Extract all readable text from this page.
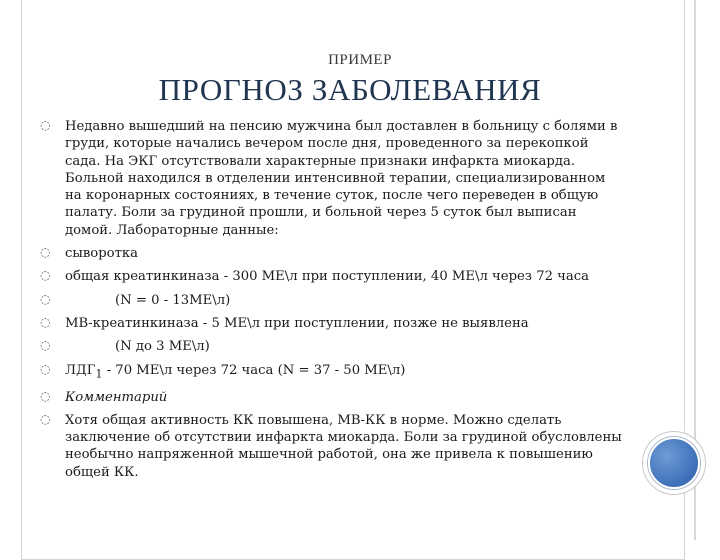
ПРИМЕР
ПРОГНОЗ ЗАБОЛЕВАНИЯ
◌ Недавно вышедший на пенсию мужчина был доставлен в больницу с болями в груди, которые начались вечером после дня, проведенного за перекопкой сада. На ЭКГ отсутствовали характерные признаки инфаркта миокарда. Больной находился в отделении интенсивной терапии, специализированном на коронарных состояниях, в течение суток, после чего переведен в общую палату. Боли за грудиной прошли, и больной через 5 суток был выписан домой. Лабораторные данные:
◌ сыворотка
◌ общая креатинкиназа - 300 МЕ\л при поступлении, 40 МЕ\л через 72 часа
◌	(N = 0 - 13МЕ\л)
◌ МВ-креатинкиназа - 5 МЕ\л при поступлении, позже не выявлена
◌	(N до 3 МЕ\л)
◌ $ЛДГ_1 - 70$ МЕ\л через 72 часа (N = 37 - 50 МЕ\л)
◌ Комментарий
◌ Хотя общая активность КК повышена, МВ-КК в норме. Можно сделать заключение об отсутствии инфаркта миокарда. Боли за грудиной обусловлены необычно напряженной мышечной работой, она же привела к повышению общей КК.
